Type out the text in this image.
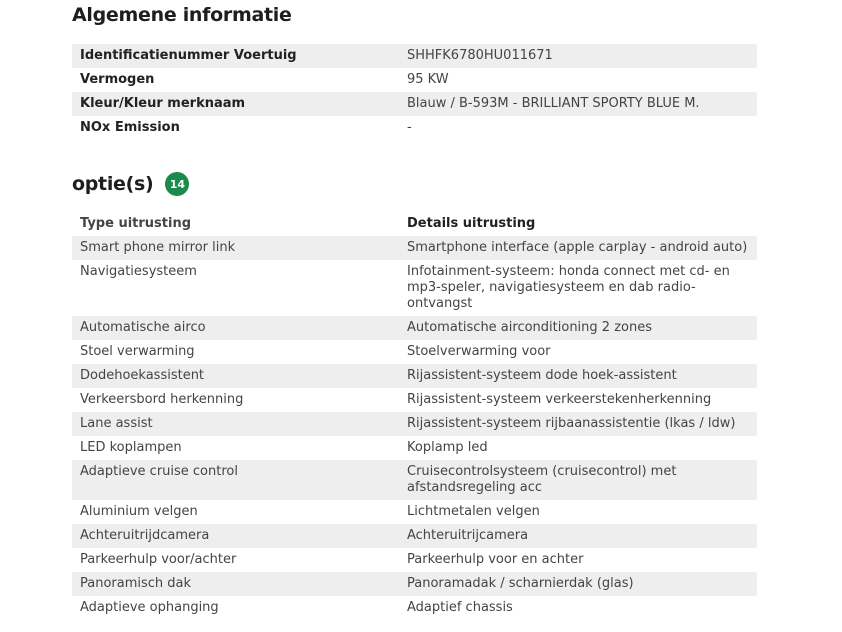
Algemene informatie
Identificatienummer Voertuig	SHHFK6780HU011671
Vermogen	95 KW
Kleur/Kleur merknaam	Blauw / B-593M - BRILLIANT SPORTY BLUE M.
NOx Emission	-
optie(s)	14
Type uitrusting	Details uitrusting
Smart phone mirror link	Smartphone interface (apple carplay - android auto)
Navigatiesysteem	Infotainment-systeem: honda connect met cd- en mp3-speler, navigatiesysteem en dab radio-ontvangst
Automatische airco	Automatische airconditioning 2 zones
Stoel verwarming	Stoelverwarming voor
Dodehoekassistent	Rijassistent-systeem dode hoek-assistent
Verkeersbord herkenning	Rijassistent-systeem verkeerstekenherkenning
Lane assist	Rijassistent-systeem rijbaanassistentie (lkas / ldw)
LED koplampen	Koplamp led
Adaptieve cruise control	Cruisecontrolsysteem (cruisecontrol) met afstandsregeling acc
Aluminium velgen	Lichtmetalen velgen
Achteruitrijdcamera	Achteruitrijcamera
Parkeerhulp voor/achter	Parkeerhulp voor en achter
Panoramisch dak	Panoramadak / scharnierdak (glas)
Adaptieve ophanging	Adaptief chassis
